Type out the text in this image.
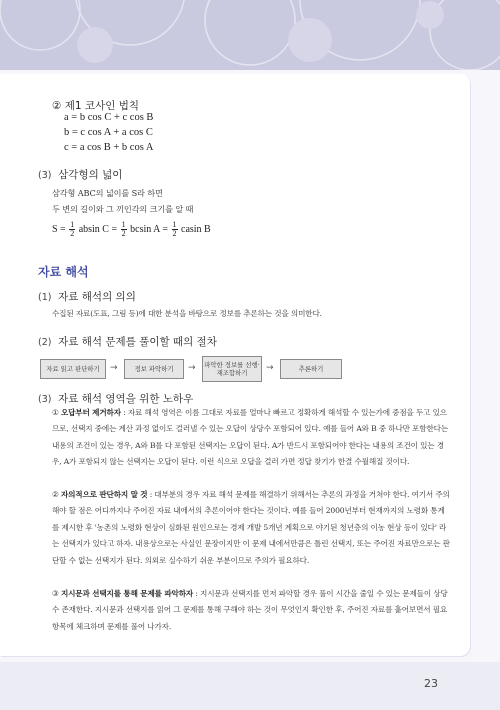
23
② 제1 코사인 법칙
a = b cos C + c cos B
b = c cos A + a cos C
c = a cos B + b cos A
(3) 삼각형의 넓이
삼각형 ABC의 넓이를 S라 하면
두 변의 길이와 그 끼인각의 크기를 알 때
$S = \frac{1}{2}$ absin $C = \frac{1}{2}$ bcsin $A = \frac{1}{2}$ casin B
자료 해석
(1) 자료 해석의 의의
수집된 자료(도표, 그림 등)에 대한 분석을 바탕으로 정보를 추론하는 것을 의미한다.
(2) 자료 해석 문제를 풀이할 때의 절차
자료 읽고 판단하기	→	정보 파악하기	→	파악한 정보를 선행·재조합하기	→	추론하기
(3) 자료 해석 영역을 위한 노하우
① 오답부터 제거하자 : 자료 해석 영역은 이름 그대로 자료를 얼마나 빠르고 정확하게 해석할 수 있는가에 중점을 두고 있으므로, 선택지 중에는 계산 과정 없이도 걸러낼 수 있는 오답이 상당수 포함되어 있다. 예를 들어 A와 B 중 하나만 포함한다는 내용의 조건이 있는 경우, A와 B를 다 포함된 선택지는 오답이 된다. A가 반드시 포함되어야 한다는 내용의 조건이 있는 경우, A가 포함되지 않는 선택지는 오답이 된다. 이런 식으로 오답을 걸러 가면 정답 찾기가 한결 수월해질 것이다.
② 자의적으로 판단하지 말 것 : 대부분의 경우 자료 해석 문제를 해결하기 위해서는 추론의 과정을 거쳐야 한다. 여기서 주의해야 할 점은 어디까지나 주어진 자료 내에서의 추론이어야 한다는 것이다. 예를 들어 2000년부터 현재까지의 노령화 통계를 제시한 후 '농촌의 노령화 현상이 심화된 원인으로는 경제 개발 5개년 계획으로 야기된 청년층의 이농 현상 등이 있다' 라는 선택지가 있다고 하자. 내용상으로는 사실인 문장이지만 이 문제 내에서만큼은 틀린 선택지, 또는 주어진 자료만으로는 판단할 수 없는 선택지가 된다. 의외로 실수하기 쉬운 부분이므로 주의가 필요하다.
③ 지시문과 선택지를 통해 문제를 파악하자 : 지시문과 선택지를 먼저 파악할 경우 풀이 시간을 줄일 수 있는 문제들이 상당수 존재한다. 지시문과 선택지를 읽어 그 문제를 통해 구해야 하는 것이 무엇인지 확인한 후, 주어진 자료를 훑어보면서 필요 항목에 체크하며 문제를 풀어 나가자.
